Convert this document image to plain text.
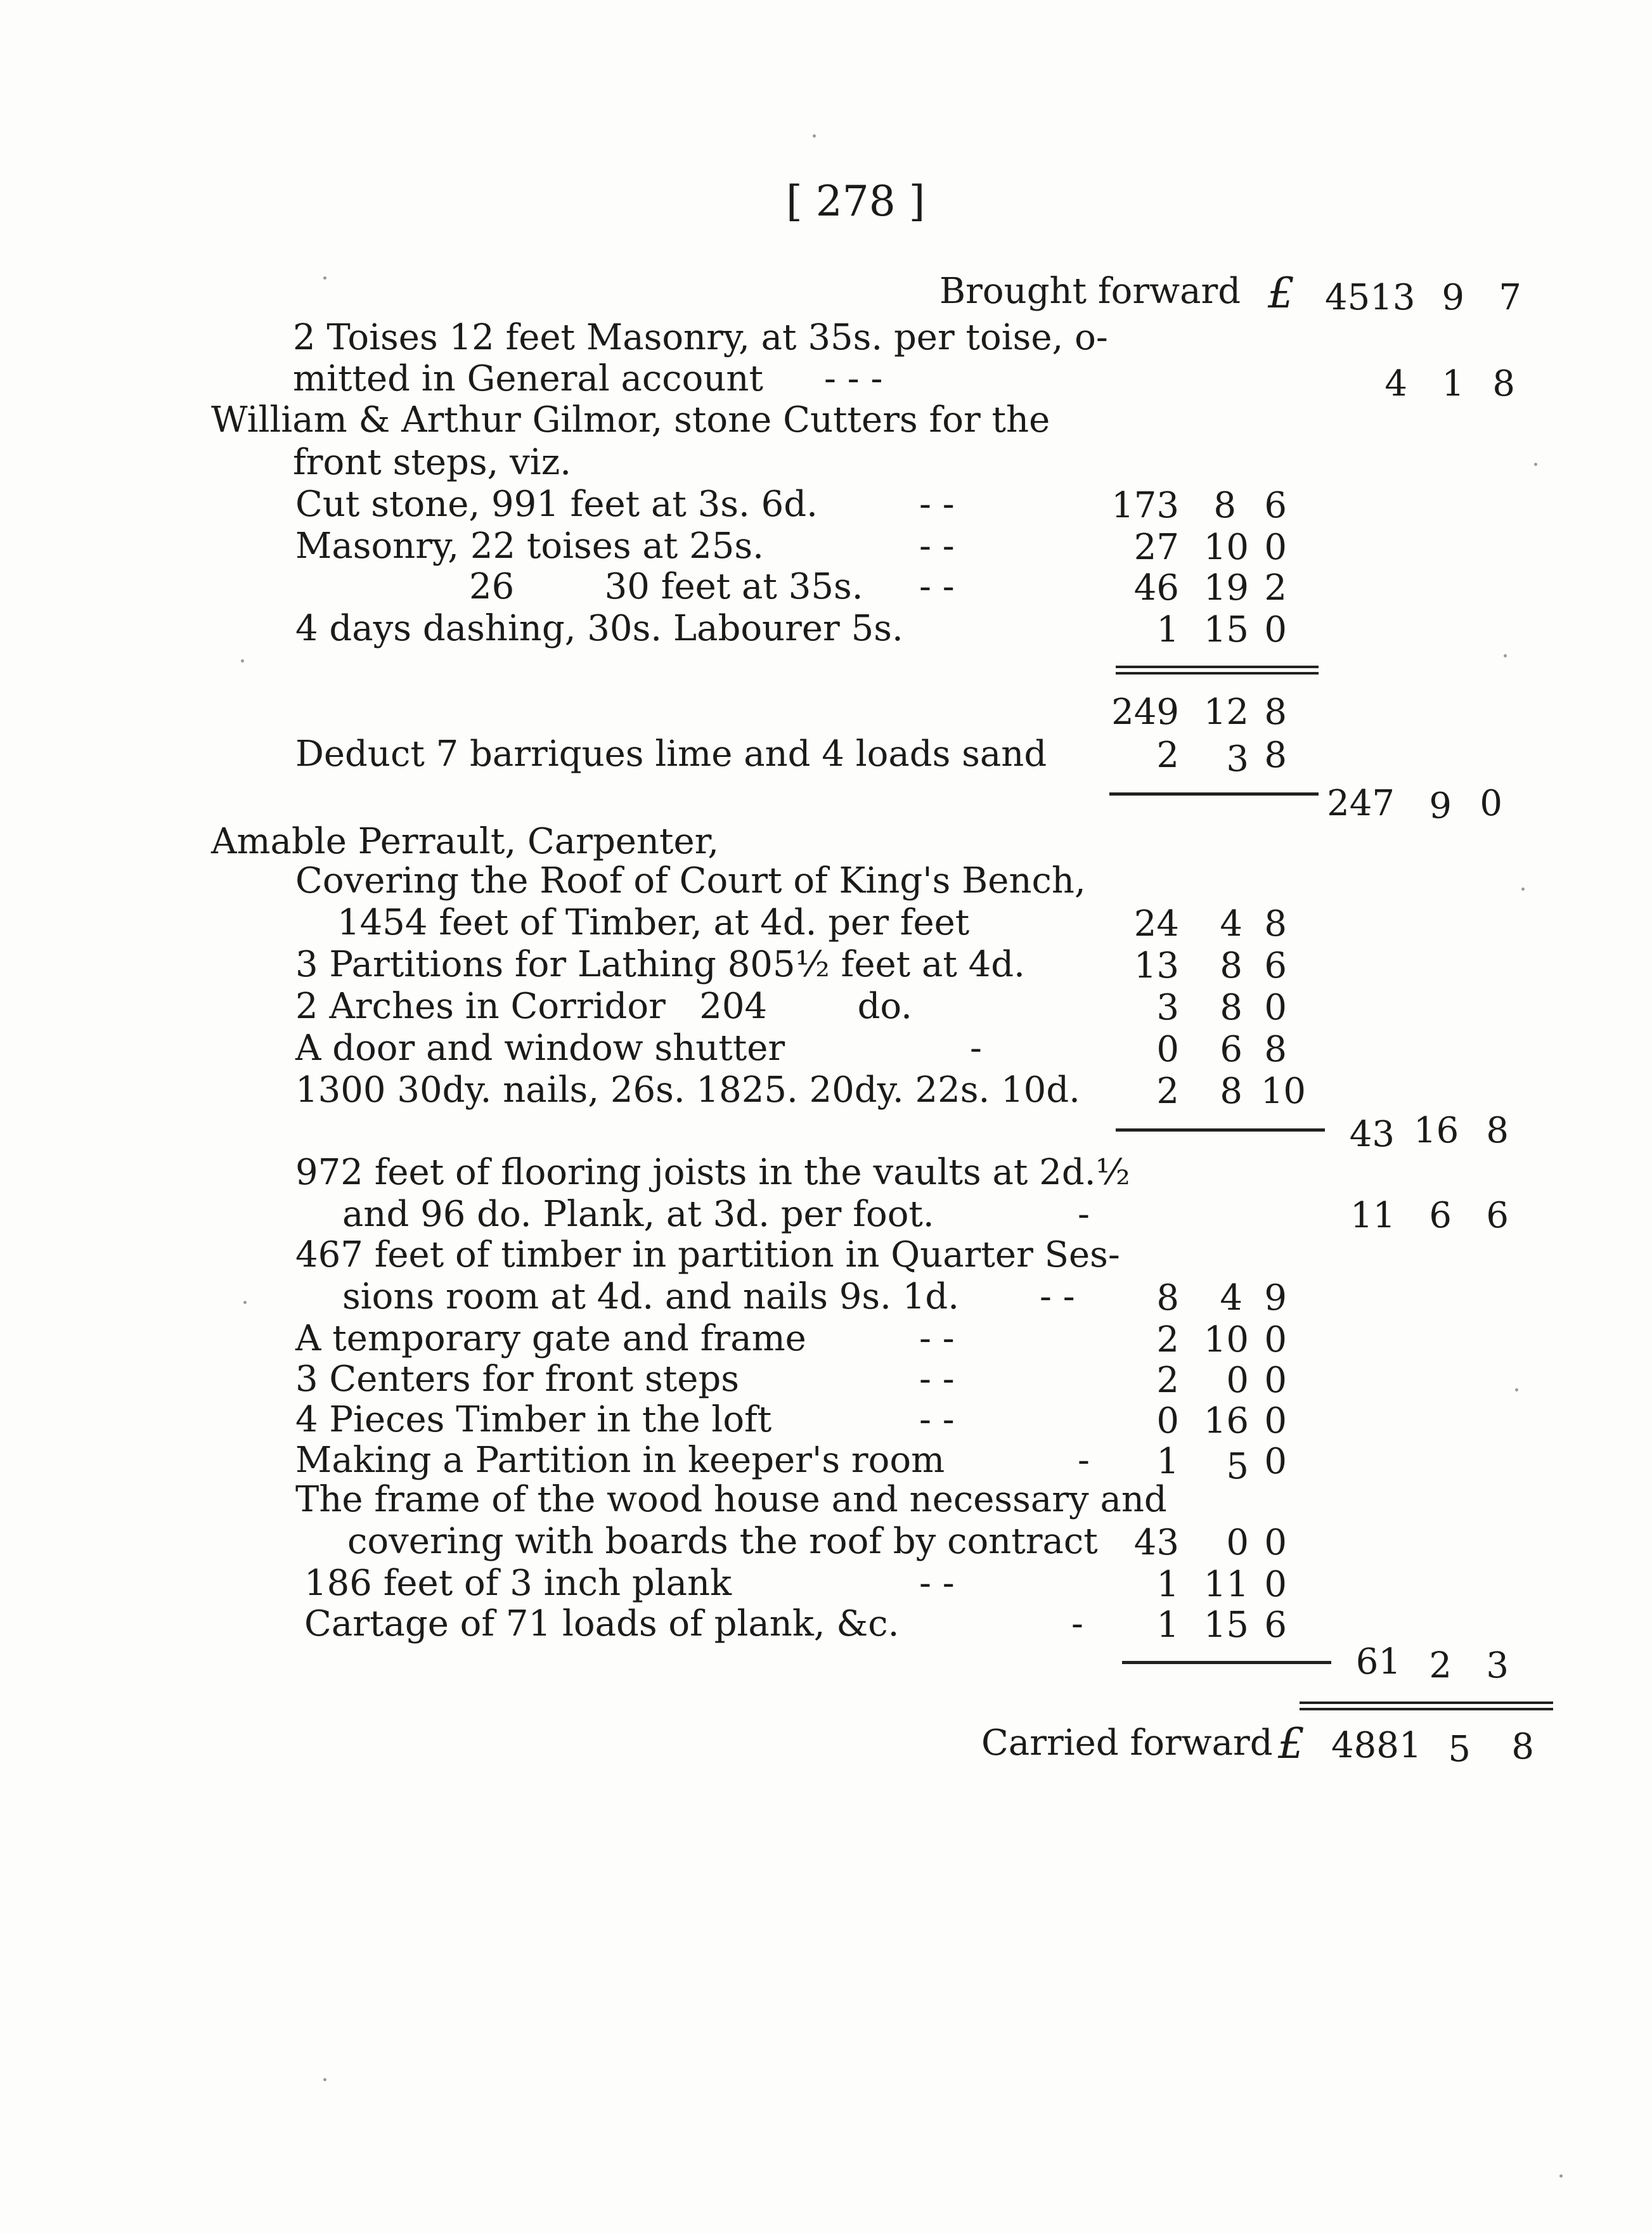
[ 278 ]
Brought forward £ 4513 9 7
2 Toises 12 feet Masonry, at 35s. per toise, o-
mitted in General account - - -	4 1 8
William & Arthur Gilmor, stone Cutters for the
front steps, viz.
Cut stone, 991 feet at 3s. 6d.	- -	173 8 6
Masonry, 22 toises at 25s.	- -	27 10 0
26        30 feet at 35s. - -	46 19 2
4 days dashing, 30s. Labourer 5s.	1 15 0
249 12 8
Deduct 7 barriques lime and 4 loads sand	2	3 8
247 9 0
Amable Perrault, Carpenter,
Covering the Roof of Court of King's Bench,
1454 feet of Timber, at 4d. per feet	24	4 8
3 Partitions for Lathing 805½ feet at 4d.	13	8 6
2 Arches in Corridor   204        do.	3	8 0
A door and window shutter	-	0	6 8
1300 30dy. nails, 26s. 1825. 20dy. 22s. 10d.	2	8 10
43 16 8
972 feet of flooring joists in the vaults at 2d.½
and 96 do. Plank, at 3d. per foot.	-	11 6 6
467 feet of timber in partition in Quarter Ses-
sions room at 4d. and nails 9s. 1d. - -	8	4 9
A temporary gate and frame	- -	2 10 0
3 Centers for front steps	- -	2	0 0
4 Pieces Timber in the loft	- -	0 16 0
Making a Partition in keeper's room	-	1	5 0
The frame of the wood house and necessary and
covering with boards the roof by contract 43	0 0
186 feet of 3 inch plank	- -	1 11 0
Cartage of 71 loads of plank, &c.	-	1 15 6
61 2 3
Carried forward £ 4881 5 8
